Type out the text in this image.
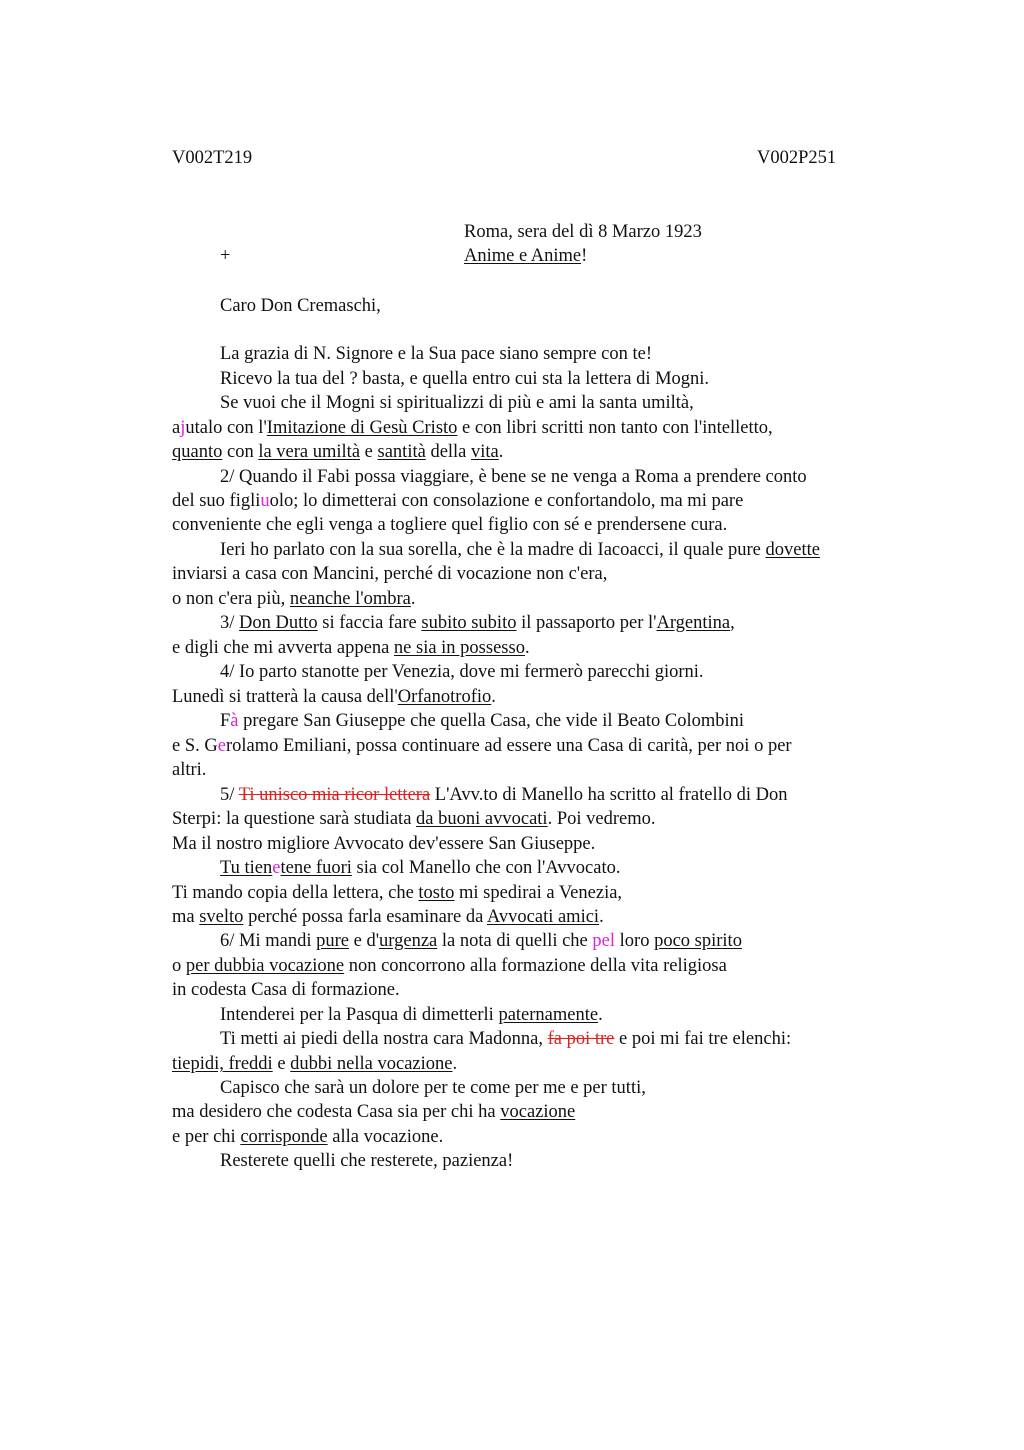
V002T219	V002P251
Roma, sera del dì 8 Marzo 1923
+	Anime e Anime!
Caro Don Cremaschi,
La grazia di N. Signore e la Sua pace siano sempre con te!
Ricevo la tua del ? basta, e quella entro cui sta la lettera di Mogni.
Se vuoi che il Mogni si spiritualizzi di più e ami la santa umiltà,
ajutalo con l'Imitazione di Gesù Cristo e con libri scritti non tanto con l'intelletto,
quanto con la vera umiltà e santità della vita.
2/ Quando il Fabi possa viaggiare, è bene se ne venga a Roma a prendere conto
del suo figliuolo; lo dimetterai con consolazione e confortandolo, ma mi pare
conveniente che egli venga a togliere quel figlio con sé e prendersene cura.
Ieri ho parlato con la sua sorella, che è la madre di Iacoacci, il quale pure dovette
inviarsi a casa con Mancini, perché di vocazione non c'era,
o non c'era più, neanche l'ombra.
3/ Don Dutto si faccia fare subito subito il passaporto per l'Argentina,
e digli che mi avverta appena ne sia in possesso.
4/ Io parto stanotte per Venezia, dove mi fermerò parecchi giorni.
Lunedì si tratterà la causa dell'Orfanotrofio.
Fà pregare San Giuseppe che quella Casa, che vide il Beato Colombini
e S. Gerolamo Emiliani, possa continuare ad essere una Casa di carità, per noi o per
altri.
5/ Ti unisco mia ricor lettera L'Avv.to di Manello ha scritto al fratello di Don
Sterpi: la questione sarà studiata da buoni avvocati. Poi vedremo.
Ma il nostro migliore Avvocato dev'essere San Giuseppe.
Tu tienetene fuori sia col Manello che con l'Avvocato.
Ti mando copia della lettera, che tosto mi spedirai a Venezia,
ma svelto perché possa farla esaminare da Avvocati amici.
6/ Mi mandi pure e d'urgenza la nota di quelli che pel loro poco spirito
o per dubbia vocazione non concorrono alla formazione della vita religiosa
in codesta Casa di formazione.
Intenderei per la Pasqua di dimetterli paternamente.
Ti metti ai piedi della nostra cara Madonna, fa poi tre e poi mi fai tre elenchi:
tiepidi, freddi e dubbi nella vocazione.
Capisco che sarà un dolore per te come per me e per tutti,
ma desidero che codesta Casa sia per chi ha vocazione
e per chi corrisponde alla vocazione.
Resterete quelli che resterete, pazienza!
